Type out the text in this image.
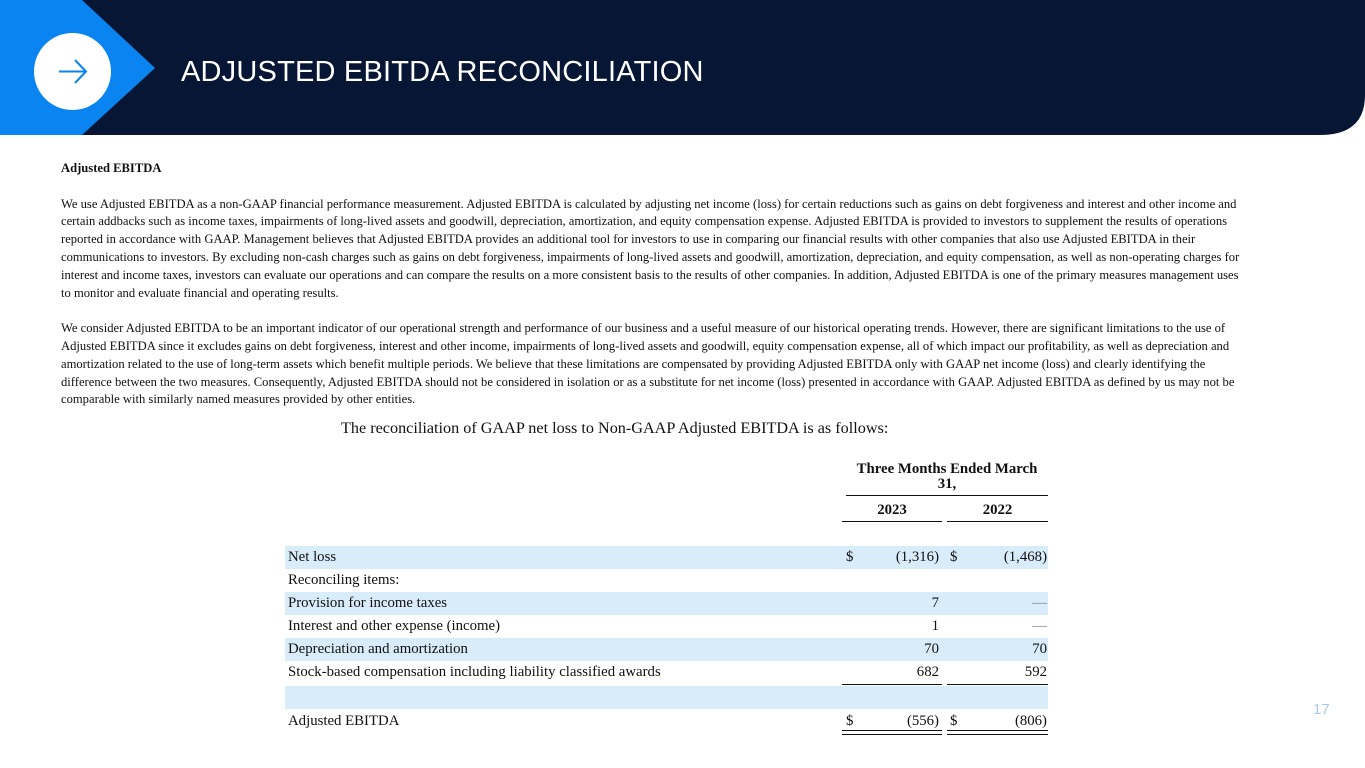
ADJUSTED EBITDA RECONCILIATION
Adjusted EBITDA

We use Adjusted EBITDA as a non-GAAP financial performance measurement. Adjusted EBITDA is calculated by adjusting net income (loss) for certain reductions such as gains on debt forgiveness and interest and other income and certain addbacks such as income taxes, impairments of long-lived assets and goodwill, depreciation, amortization, and equity compensation expense. Adjusted EBITDA is provided to investors to supplement the results of operations reported in accordance with GAAP. Management believes that Adjusted EBITDA provides an additional tool for investors to use in comparing our financial results with other companies that also use Adjusted EBITDA in their communications to investors. By excluding non-cash charges such as gains on debt forgiveness, impairments of long-lived assets and goodwill, amortization, depreciation, and equity compensation, as well as non-operating charges for interest and income taxes, investors can evaluate our operations and can compare the results on a more consistent basis to the results of other companies. In addition, Adjusted EBITDA is one of the primary measures management uses to monitor and evaluate financial and operating results.

We consider Adjusted EBITDA to be an important indicator of our operational strength and performance of our business and a useful measure of our historical operating trends. However, there are significant limitations to the use of Adjusted EBITDA since it excludes gains on debt forgiveness, interest and other income, impairments of long-lived assets and goodwill, equity compensation expense, all of which impact our profitability, as well as depreciation and amortization related to the use of long-term assets which benefit multiple periods. We believe that these limitations are compensated by providing Adjusted EBITDA only with GAAP net income (loss) and clearly identifying the difference between the two measures. Consequently, Adjusted EBITDA should not be considered in isolation or as a substitute for net income (loss) presented in accordance with GAAP. Adjusted EBITDA as defined by us may not be comparable with similarly named measures provided by other entities.

The reconciliation of GAAP net loss to Non-GAAP Adjusted EBITDA is as follows:
Three Months Ended March 31,
2023	2022
Net loss	$	(1,316) $	(1,468)
Reconciling items:
Provision for income taxes	7	—
Interest and other expense (income)	1	—
Depreciation and amortization	70	70
Stock-based compensation including liability classified awards	682	592
Adjusted EBITDA	$	(556) $	(806)
17
